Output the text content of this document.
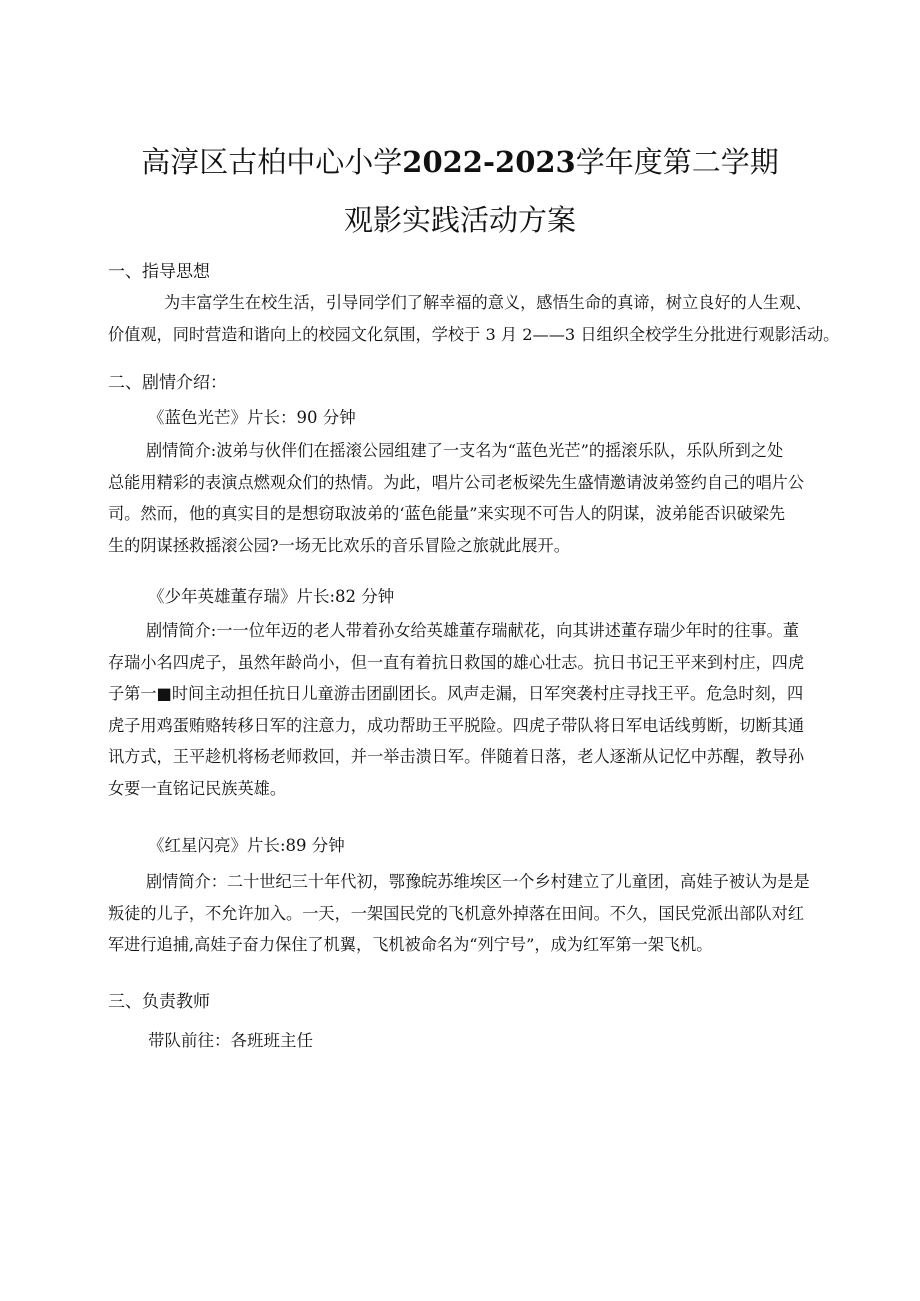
高淳区古柏中心小学2022-2023学年度第二学期
观影实践活动方案
一、指导思想
为丰富学生在校生活，引导同学们了解幸福的意义，感悟生命的真谛，树立良好的人生观、
价值观，同时营造和谐向上的校园文化氛围，学校于 3 月 2——3 日组织全校学生分批进行观影活动。
二、剧情介绍：
《蓝色光芒》片长：90 分钟
剧情简介:波弟与伙伴们在摇滚公园组建了一支名为“蓝色光芒”的摇滚乐队，乐队所到之处
总能用精彩的表演点燃观众们的热情。为此，唱片公司老板梁先生盛情邀请波弟签约自己的唱片公
司。然而，他的真实目的是想窃取波弟的‘蓝色能量”来实现不可告人的阴谋，波弟能否识破梁先
生的阴谋拯救摇滚公园?一场无比欢乐的音乐冒险之旅就此展开。
《少年英雄董存瑞》片长:82 分钟
剧情简介:一一位年迈的老人带着孙女给英雄董存瑞献花，向其讲述董存瑞少年时的往事。董
存瑞小名四虎子，虽然年龄尚小，但一直有着抗日救国的雄心壮志。抗日书记王平来到村庄，四虎
子第一■时间主动担任抗日儿童游击团副团长。风声走漏，日军突袭村庄寻找王平。危急时刻，四
虎子用鸡蛋贿赂转移日军的注意力，成功帮助王平脱险。四虎子带队将日军电话线剪断，切断其通
讯方式，王平趁机将杨老师救回，并一举击溃日军。伴随着日落，老人逐渐从记忆中苏醒，教导孙
女要一直铭记民族英雄。
《红星闪亮》片长:89 分钟
剧情简介：二十世纪三十年代初，鄂豫皖苏维埃区一个乡村建立了儿童团，高娃子被认为是是
叛徒的儿子，不允许加入。一天，一架国民党的飞机意外掉落在田间。不久，国民党派出部队对红
军进行追捕,高娃子奋力保住了机翼，飞机被命名为“列宁号”，成为红军第一架飞机。
三、负责教师
带队前往：各班班主任
